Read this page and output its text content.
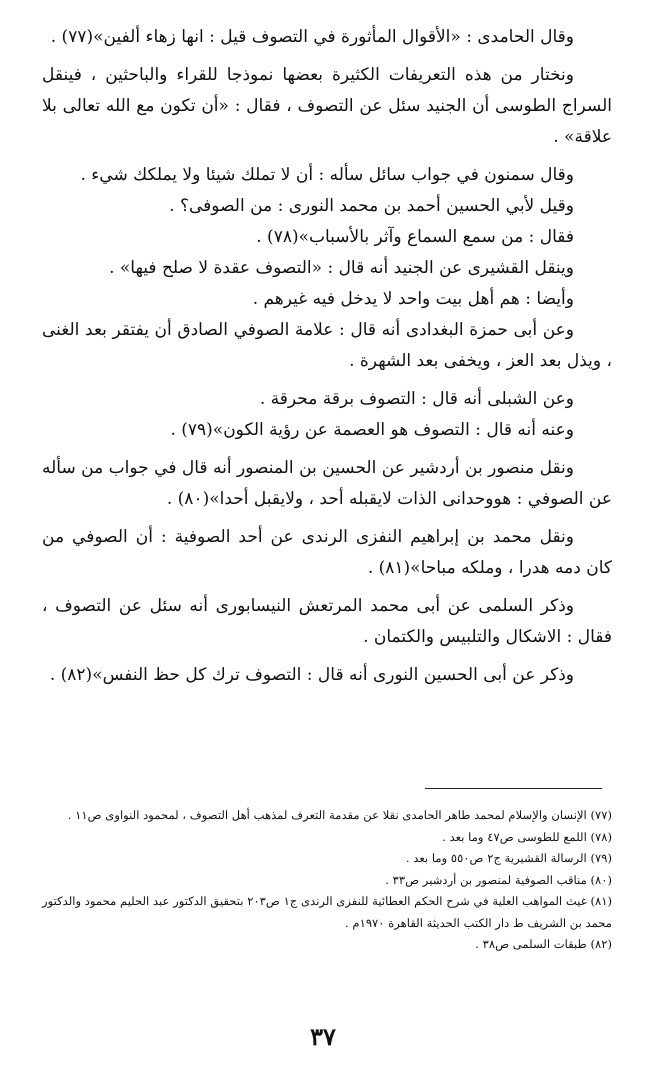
وقال الحامدى : «الأقوال المأثورة في التصوف قيل : انها زهاء ألفين»(٧٧) .

ونختار من هذه التعريفات الكثيرة بعضها نموذجا للقراء والباحثين ، فينقل السراج الطوسى أن الجنيد سئل عن التصوف ، فقال : «أن تكون مع الله تعالى بلا علاقة» .

وقال سمنون في جواب سائل سأله : أن لا تملك شيئا ولا يملكك شيء .

وقيل لأبي الحسين أحمد بن محمد النورى : من الصوفى؟ .

فقال : من سمع السماع وآثر بالأسباب»(٧٨) .

وينقل القشيرى عن الجنيد أنه قال : «التصوف عقدة لا صلح فيها» .

وأيضا : هم أهل بيت واحد لا يدخل فيه غيرهم .

وعن أبى حمزة البغدادى أنه قال : علامة الصوفي الصادق أن يفتقر بعد الغنى ، ويذل بعد العز ، ويخفى بعد الشهرة .

وعن الشبلى أنه قال : التصوف برقة محرقة .

وعنه أنه قال : التصوف هو العصمة عن رؤية الكون»(٧٩) .

ونقل منصور بن أردشير عن الحسين بن المنصور أنه قال في جواب من سأله عن الصوفي : هووحدانى الذات لايقبله أحد ، ولايقبل أحدا»(٨٠) .

ونقل محمد بن إبراهيم النفزى الرندى عن أحد الصوفية : أن الصوفي من كان دمه هدرا ، وملكه مباحا»(٨١) .

وذكر السلمى عن أبى محمد المرتعش النيسابورى أنه سئل عن التصوف ، فقال : الاشكال والتلبيس والكتمان .

وذكر عن أبى الحسين النورى أنه قال : التصوف ترك كل حظ النفس»(٨٢) .

(٧٧) الإنسان والإسلام لمحمد طاهر الحامدى نقلا عن مقدمة التعرف لمذهب أهل التصوف ، لمحمود النواوى ص١١ .

(٧٨) اللمع للطوسى ص٤٧ وما بعد .

(٧٩) الرسالة القشيرية ج٢ ص٥٥٠ وما بعد .

(٨٠) مناقب الصوفية لمنصور بن أردشير ص٣٣ .

(٨١) غيث المواهب العلية في شرح الحكم العطائية للنفزى الرندى ج١ ص٢٠٣ بتحقيق الدكتور عبد الحليم محمود والدكتور محمد بن الشريف ط دار الكتب الحديثة القاهرة ١٩٧٠م .

(٨٢) طبقات السلمى ص٣٨ .

٣٧
